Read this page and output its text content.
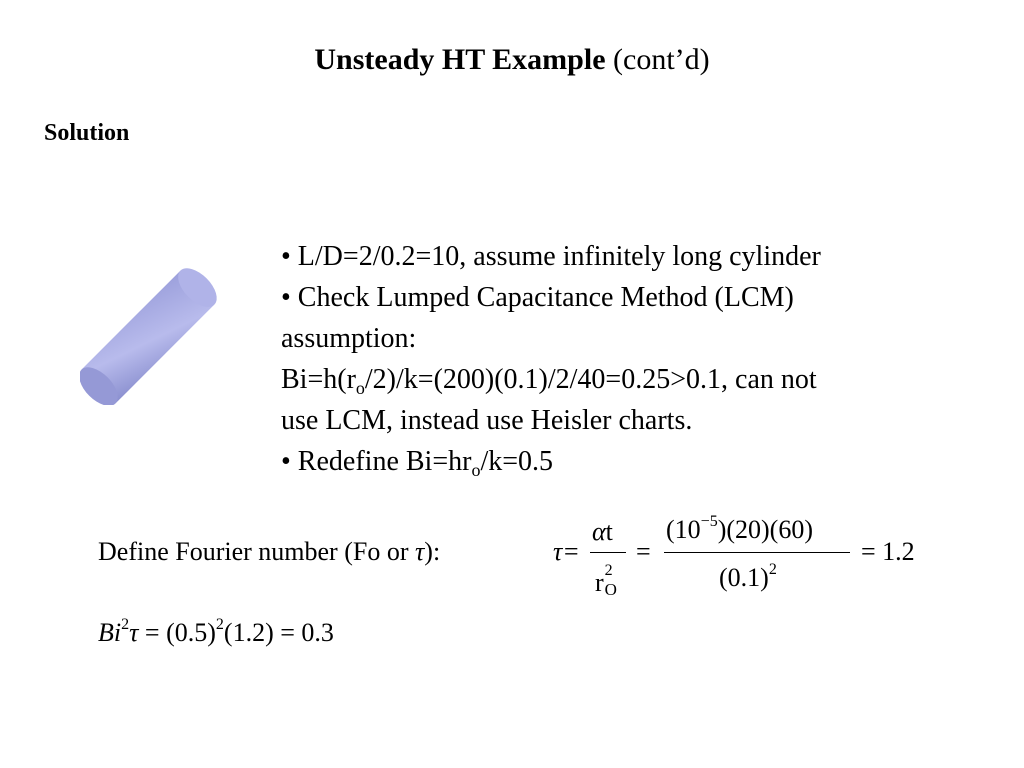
Unsteady HT Example (cont’d)
Solution
• L/D=2/0.2=10, assume infinitely long cylinder
• Check Lumped Capacitance Method (LCM)
assumption:
$Bi=h(r_o/2)/k=(200)(0.1)/2/40=0.25>0.1$, can not
use LCM, instead use Heisler charts.
• Redefine $Bi=hr_o/k=0.5$
Define Fourier number (Fo or τ):	τ=
αt
r 2
O
=
$(10^{-5})(20)(60)$
$(0.1)^2$
= 1.2
$Bi^2\tau = (0.5)^2(1.2) = 0.3$
